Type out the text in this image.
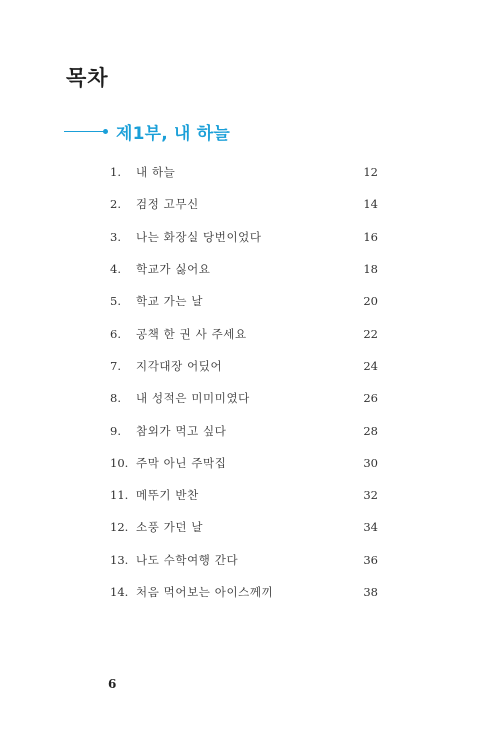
목차
제1부, 내 하늘
1.	내 하늘	12
2.	검정 고무신	14
3.	나는 화장실 당번이었다	16
4.	학교가 싫어요	18
5.	학교 가는 날	20
6.	공책 한 권 사 주세요	22
7.	지각대장 어딨어	24
8.	내 성적은 미미미였다	26
9.	참외가 먹고 싶다	28
10. 주막 아닌 주막집	30
11. 메뚜기 반찬	32
12. 소풍 가던 날	34
13. 나도 수학여행 간다	36
14. 처음 먹어보는 아이스께끼	38
6
